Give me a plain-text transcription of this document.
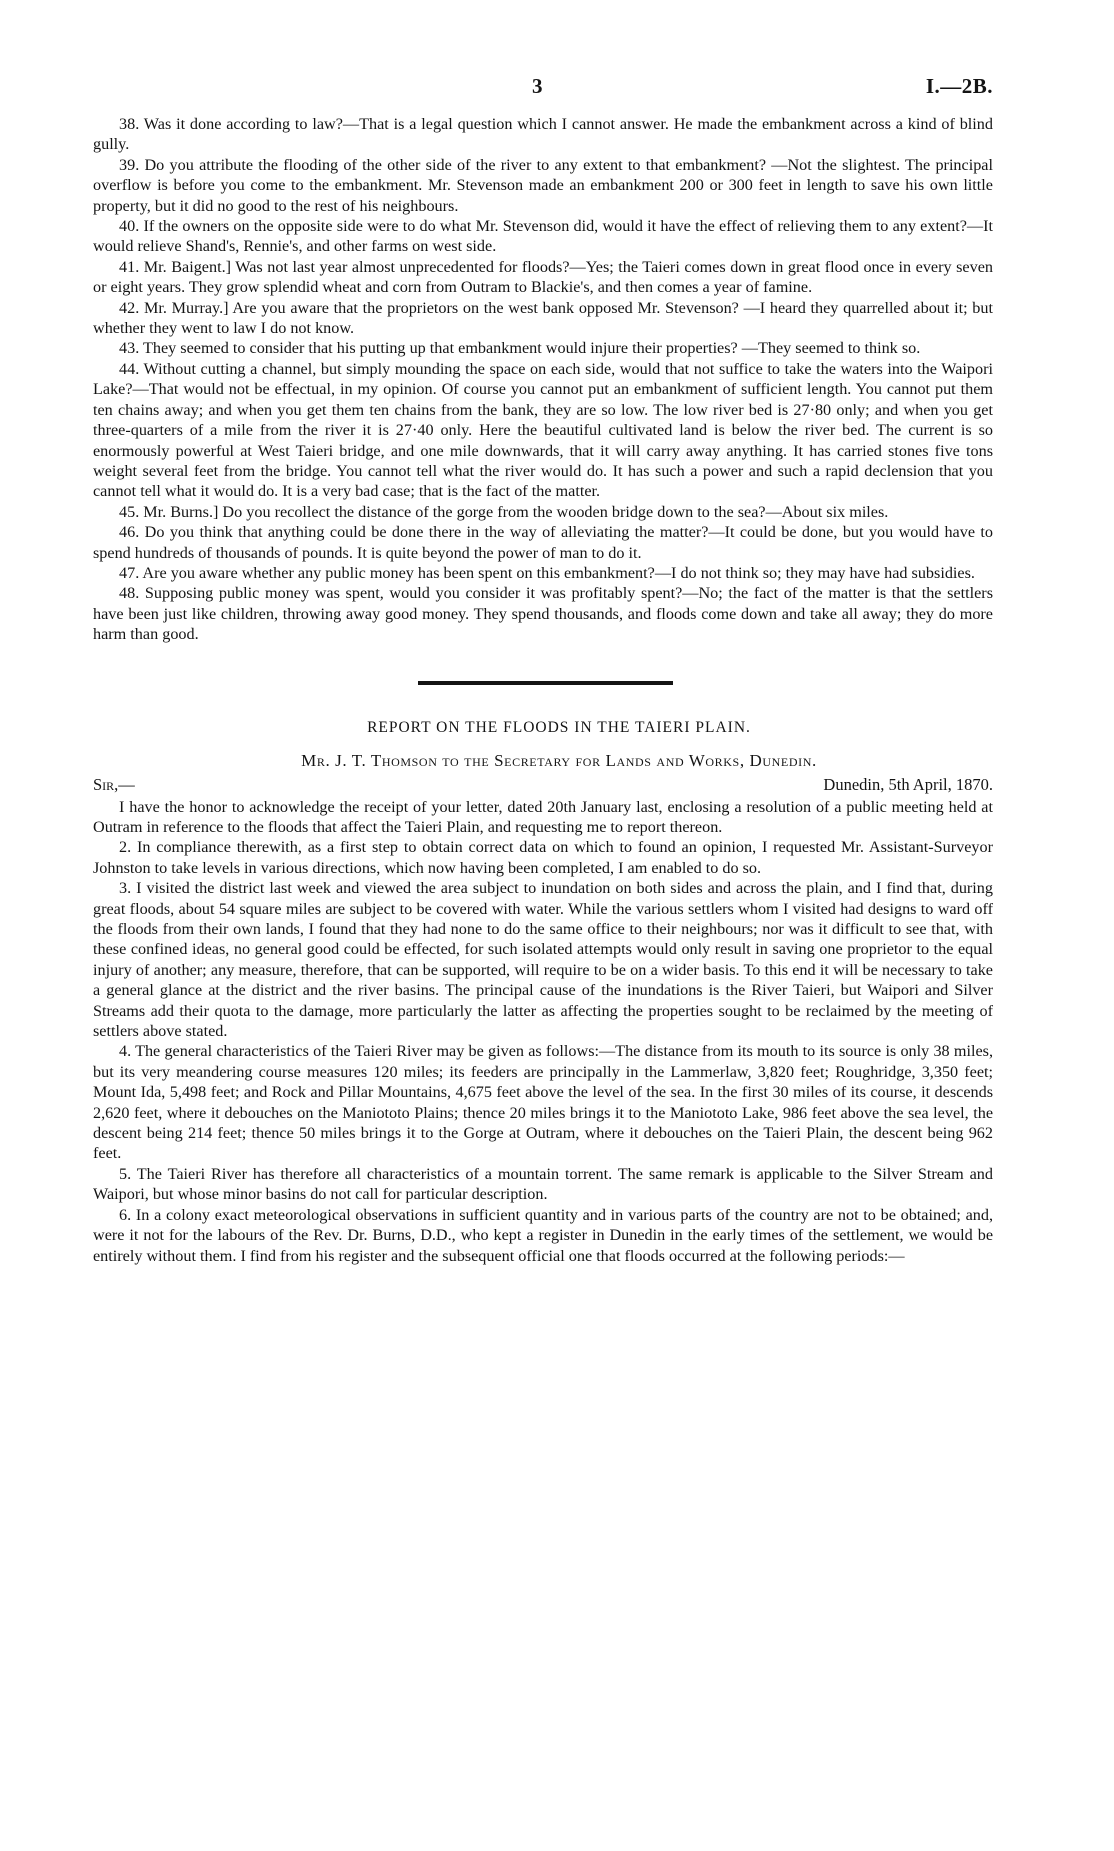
3	I.—2B.

38. Was it done according to law?—That is a legal question which I cannot answer. He made the embankment across a kind of blind gully.

39. Do you attribute the flooding of the other side of the river to any extent to that embankment? —Not the slightest. The principal overflow is before you come to the embankment. Mr. Stevenson made an embankment 200 or 300 feet in length to save his own little property, but it did no good to the rest of his neighbours.

40. If the owners on the opposite side were to do what Mr. Stevenson did, would it have the effect of relieving them to any extent?—It would relieve Shand's, Rennie's, and other farms on west side.

41. Mr. Baigent.] Was not last year almost unprecedented for floods?—Yes; the Taieri comes down in great flood once in every seven or eight years. They grow splendid wheat and corn from Outram to Blackie's, and then comes a year of famine.

42. Mr. Murray.] Are you aware that the proprietors on the west bank opposed Mr. Stevenson? —I heard they quarrelled about it; but whether they went to law I do not know.

43. They seemed to consider that his putting up that embankment would injure their properties? —They seemed to think so.

44. Without cutting a channel, but simply mounding the space on each side, would that not suffice to take the waters into the Waipori Lake?—That would not be effectual, in my opinion. Of course you cannot put an embankment of sufficient length. You cannot put them ten chains away; and when you get them ten chains from the bank, they are so low. The low river bed is 27·80 only; and when you get three-quarters of a mile from the river it is 27·40 only. Here the beautiful cultivated land is below the river bed. The current is so enormously powerful at West Taieri bridge, and one mile downwards, that it will carry away anything. It has carried stones five tons weight several feet from the bridge. You cannot tell what the river would do. It has such a power and such a rapid declension that you cannot tell what it would do. It is a very bad case; that is the fact of the matter.

45. Mr. Burns.] Do you recollect the distance of the gorge from the wooden bridge down to the sea?—About six miles.

46. Do you think that anything could be done there in the way of alleviating the matter?—It could be done, but you would have to spend hundreds of thousands of pounds. It is quite beyond the power of man to do it.

47. Are you aware whether any public money has been spent on this embankment?—I do not think so; they may have had subsidies.

48. Supposing public money was spent, would you consider it was profitably spent?—No; the fact of the matter is that the settlers have been just like children, throwing away good money. They spend thousands, and floods come down and take all away; they do more harm than good.

REPORT ON THE FLOODS IN THE TAIERI PLAIN.
Mr. J. T. Thomson to the Secretary for Lands and Works, Dunedin.
Sir,—	Dunedin, 5th April, 1870.

I have the honor to acknowledge the receipt of your letter, dated 20th January last, enclosing a resolution of a public meeting held at Outram in reference to the floods that affect the Taieri Plain, and requesting me to report thereon.

2. In compliance therewith, as a first step to obtain correct data on which to found an opinion, I requested Mr. Assistant-Surveyor Johnston to take levels in various directions, which now having been completed, I am enabled to do so.

3. I visited the district last week and viewed the area subject to inundation on both sides and across the plain, and I find that, during great floods, about 54 square miles are subject to be covered with water. While the various settlers whom I visited had designs to ward off the floods from their own lands, I found that they had none to do the same office to their neighbours; nor was it difficult to see that, with these confined ideas, no general good could be effected, for such isolated attempts would only result in saving one proprietor to the equal injury of another; any measure, therefore, that can be supported, will require to be on a wider basis. To this end it will be necessary to take a general glance at the district and the river basins. The principal cause of the inundations is the River Taieri, but Waipori and Silver Streams add their quota to the damage, more particularly the latter as affecting the properties sought to be reclaimed by the meeting of settlers above stated.

4. The general characteristics of the Taieri River may be given as follows:—The distance from its mouth to its source is only 38 miles, but its very meandering course measures 120 miles; its feeders are principally in the Lammerlaw, 3,820 feet; Roughridge, 3,350 feet; Mount Ida, 5,498 feet; and Rock and Pillar Mountains, 4,675 feet above the level of the sea. In the first 30 miles of its course, it descends 2,620 feet, where it debouches on the Maniototo Plains; thence 20 miles brings it to the Maniototo Lake, 986 feet above the sea level, the descent being 214 feet; thence 50 miles brings it to the Gorge at Outram, where it debouches on the Taieri Plain, the descent being 962 feet.

5. The Taieri River has therefore all characteristics of a mountain torrent. The same remark is applicable to the Silver Stream and Waipori, but whose minor basins do not call for particular description.

6. In a colony exact meteorological observations in sufficient quantity and in various parts of the country are not to be obtained; and, were it not for the labours of the Rev. Dr. Burns, D.D., who kept a register in Dunedin in the early times of the settlement, we would be entirely without them. I find from his register and the subsequent official one that floods occurred at the following periods:—
